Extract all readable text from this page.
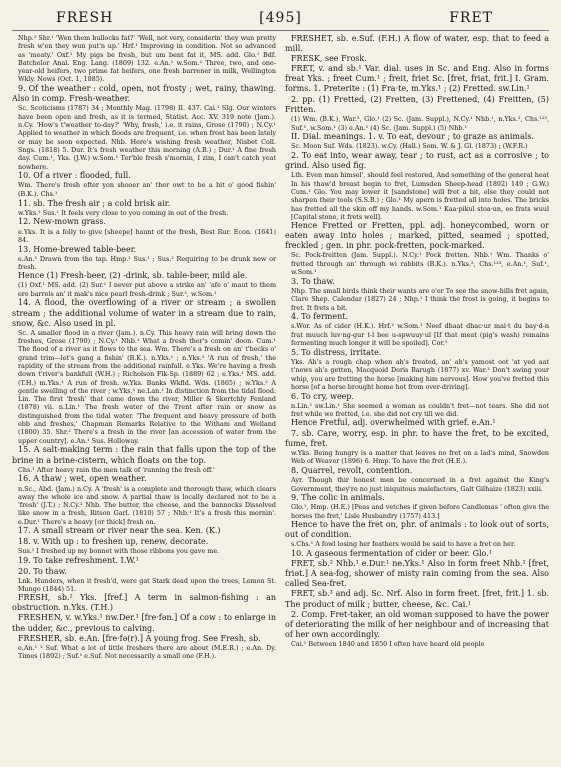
FRESH	[495]	FRET

Nhp.² Shr.¹ 'Wen them bullocks fat?' 'Well, not very, considerin' they wun pretty fresh w'en they wun put'n up.' Hrf.¹ Improving in condition. Not so advanced as 'meaty.' Oxf.¹ My pigs be fresh, but um bent fat it, MS. add. Glo.¹ Bdf. Batchelor Anal. Eng. Lang. (1809) 132. e.An.¹ w.Som.¹ Three, two, and one-year-old heifers, two prime fat heifers, one fresh barrener in milk, Wellington Wkly. News (Oct. 1, 1885).

9. Of the weather : cold, open, not frosty ; wet, rainy, thawing. Also in comp. Fresh-weather.

Sc. Scoticisms (1787) 34 ; Monthly Mag. (1798) II. 437. Cai.¹ Slg. Our winters have been open and fresh, as it is termed, Statist. Acc. XV. 319 note (Jam.). n.Cy. 'How's t'weather to-day?' 'Why, fresh,' i.e. it rains, Grose (1790) ; N.Cy.¹ Applied to weather in which floods are frequent, i.e. when frost has been lately or may be soon expected. Nhb. Here's wishing fresh weather, Nisbet Coll. Sngs. (1818) 5. Dur. It's fresh weather this morning (A.B.) ; Dur.¹ A fine fresh day. Cum.¹, Yks. (J.W.) w.Som.¹ Ter'ble fresh s'mornin, I zim, I can't catch yeat nowhere.

10. Of a river : flooded, full.

Wm. There's fresh efter yon shooer an' ther owt to be a bit o' good fishin' (B.K.). Chs.¹

11. sb. The fresh air ; a cold brisk air.

w.Yks.¹ Sus.¹ It feels very close to you coming in out of the fresh.

12. New-mown grass.

e.Yks. It is a folly to give [sheepe] haunt of the fresh, Best Rur. Econ. (1641) 84.

13. Home-brewed table-beer.

e.An.¹ Drawn from the tap. Hmp.¹ Sus.¹ ; Sus.² Requiring to be drunk new or fresh.

Hence (1) Fresh-beer, (2) -drink, sb. table-beer, mild ale.

(1) Oxf.¹ MS. add. (2) Sur.¹ I never put above a strike an' 'afe o' maut to them ere barrels an' it mak's nice pearl fresh-drink ; Sur.², w.Som.¹

14. A flood, the overflowing of a river or stream ; a swollen stream ; the additional volume of water in a stream due to rain, snow, &c. Also used in pl.

Sc. A smaller flood in a river (Jam.). n.Cy. This heavy rain will bring down the freshes, Grose (1790) ; N.Cy.¹ Nhb.¹ What a fresh ther's comin' doon. Cum.¹ The flood of a river as it flows to the sea. Wm. There's a fresh on an' t'becks o' grand trim—let's gang a fishin' (B.K.). n.Yks.¹ ; n.Yks.² 'A run of fresh,' the rapidity of the stream from the additional rainfall. e.Yks. We're having a fresh down t'river's bankfull (W.H.) ; Richolson Flk-Sp. (1889) 62 ; e.Yks.¹ MS. add. (T.H.) m.Yks.¹ A run of fresh. w.Yks. Banks Wkfld. Wds. (1865) ; w.Yks.² A gentle swelling of the river ; w.Yks.² ne.Lan.¹ In distinction from the tidal flood. Lin. The first 'fresh' that came down the river, Miller & Skertchly Fenland (1878) vii. n.Lin.¹ The fresh water of the Trent after rain or snow as distinguished from the tidal water. 'The frequent and heavy pressure of both ebb and freshes,' Chapman Remarks Relative to the Witham and Welland (1800) 35. Shr.² There's a fresh in the river [an accession of water from the upper country]. e.An.¹ Sus. Holloway.

15. A salt-making term : the rain that falls upon the top of the brine in a brine-cistern, which floats on the top.

Chs.¹ After heavy rain the men talk of 'running the fresh off.'

16. A thaw ; wet, open weather.

n.Sc., Abd. (Jam.) n.Cy. A 'fresh' is a complete and thorough thaw, which clears away the whole ice and snow. A partial thaw is locally declared not to be a 'fresh' (J.T.) ; N.Cy.¹ Nhb. The butter, the cheese, and the bannocks Dissolved like snow in a fresh, Ritson Garl. (1810) 57 ; Nhb.¹ It's a fresh this mornin'. e.Dur.¹ There's a heavy [or thick] fresh on.

17. A small stream or river near the sea. Ken. (K.)

18. v. With up : to freshen up, renew, decorate.

Sus.¹ I freshed up my bonnet with those ribbons you gave me.

19. To take refreshment. I.W.¹

20. To thaw.

Lnk. Hunders, when it fresh'd, were gat Stark dead upon the trees, Lemon St. Mungo (1844) 51.

FRESH, sb.² Yks. [fref.] A term in salmon-fishing : an obstruction. n.Yks. (T.H.)

FRESHEN, v. w.Yks.¹ nw.Der.¹ [fre·fən.] Of a cow : to enlarge in the udder, &c., previous to calving.

FRESHER, sb. e.An. [fre·fə(r).] A young frog. See Fresh, sb.

e.An.¹ ² Suf. What a lot of little freshers there are about (M.E.R.) ; e.An. Dy. Times (1892) ; Suf.¹ e.Suf. Not necessarily a small one (F.H.).

FRESHET, sb. e.Suf. (F.H.) A flow of water, esp. that to feed a mill.

FRESK, see Frosk.

FRET, v. and sb.¹ Var. dial. uses in Sc. and Eng. Also in forms freat Yks. ; freet Cum.¹ ; freit, friet Sc. [fret, friat, frit.] I. Gram. forms. 1. Preterite : (1) Fra·te, m.Yks.¹ ; (2) Fretted. sw.Lin.¹

2. pp. (1) Fretted, (2) Fretten, (3) Frettened, (4) Freitten, (5) Fritten.

(1) Wm. (B.K.), War.³, Glo.¹ (2) Sc. (Jam. Suppl.), N.Cy.¹ Nhb.¹, n.Yks.², Chs.¹²³, Suf.¹, w.Som.¹ (3) e.An.¹ (4) Sc. (Jam. Suppl.) (5) Nhb.¹

II. Dial. meanings. 1. v. To eat, devour ; to graze as animals.

Sc. Moon Suf. Wds. (1823). w.Cy. (Hall.) Som. W. & J. Gl. (1873) ; (W.F.R.)

2. To eat into, wear away, tear ; to rust, act as a corrosive ; to grind. Also used fig.

Lth. Even man himsel', should feel restored, And something of the general heat In his thaw'd breast begin to fret, Lumsden Sheep-head (1892) 149 ; G.W.) Cum.¹ Glo. You may lower it [sandstone] will fret a bit, else they could not sharpen their tools (S.S.B.) ; Glo.¹ My apern is fretted all into holes. The bricks has fretted all the skin off my hands. w.Som.¹ Kaa·pikul stoa·un, ee frats wuul [Capital stone, it frets well].

Hence Fretted or Fretten, ppl. adj. honeycombed, worn or eaten away into holes ; marked, pitted, seamed ; spotted, freckled ; gen. in phr. pock-fretten, pock-marked.

Sc. Pock-freitten (Jam. Suppl.). N.Cy.¹ Pock fretten. Nhb.¹ Wm. Thanks o' fretted through an' through wi rabbits (B.K.). n.Yks.², Chs.¹²³, e.An.¹, Suf.¹, w.Som.¹

3. To thaw.

Nhp. The small birds think their wants are o'er To see the snow-hills fret again, Clare Shep. Calendar (1827) 24 ; Nhp.¹ I think the frost is going, it begins to fret. It frets a bit.

4. To ferment.

s.Wor. As of cider (H.K.). Hrf.² w.Som.¹ Neef dhaat dhac·ur mai·t du bay·d-n frat muuch luv·ng-gur t-l bee u-spwuuy·ul [If that meat (pig's wash) remains fermenting much longer it will be spoiled]. Cor.¹

5. To distress, irritate.

Yks. Ah's a rough chap when ah's freated, an' ah's yamost oot 'at yed aat t'news ah's getten, Macquoid Doris Barugh (1877) xv. War.³ Don't swing your whip, you are fretting the horse [making him nervous]. How you've fretted this horse [of a horse brought home hot from over-driving].

6. To cry, weep.

n.Lin.¹ sw.Lin.¹ She seemed a woman as couldn't fret—not tears. She did not fret while we fretted, i.e. she did not cry till we did.

Hence Fretful, adj. overwhelmed with grief. e.An.¹

7. sb. Care, worry, esp. in phr. to have the fret, to be excited, fume, fret.

w.Yks. Being hungry is a matter that leaves no fret on a lad's mind, Snowden Web of Weaver (1896) 6. Hmp. To have the fret (H.E.).

8. Quarrel, revolt, contention.

Ayr. Though thir honest men be concerned in a fret against the King's Government, they're no just iniquitous malefactors, Galt Gilhaize (1823) xxiii.

9. The colic in animals.

Glo.¹, Hmp. (H.E.) [Peas and vetches if given before Candlemas ' often give the horses the fret,' Lisle Husbandry (1757) 413.]

Hence to have the fret on, phr. of animals : to look out of sorts, out of condition.

s.Chs.¹ A fowl losing her feathers would be said to have a fret on her.

10. A gaseous fermentation of cider or beer. Glo.¹

FRET, sb.² Nhb.¹ e.Dur.¹ ne.Yks.¹ Also in form freet Nhb.¹ [fret, friət.] A sea-fog, shower of misty rain coming from the sea. Also called Sea-fret.

FRET, sb.³ and adj. Sc. Nrf. Also in form freet. [fret, frit.] 1. sb. The product of milk ; butter, cheese, &c. Cai.¹

2. Comp. Fret-taker, an old woman supposed to have the power of deteriorating the milk of her neighbour and of increasing that of her own accordingly.

Cai.¹ Between 1840 and 1850 I often have heard old people
